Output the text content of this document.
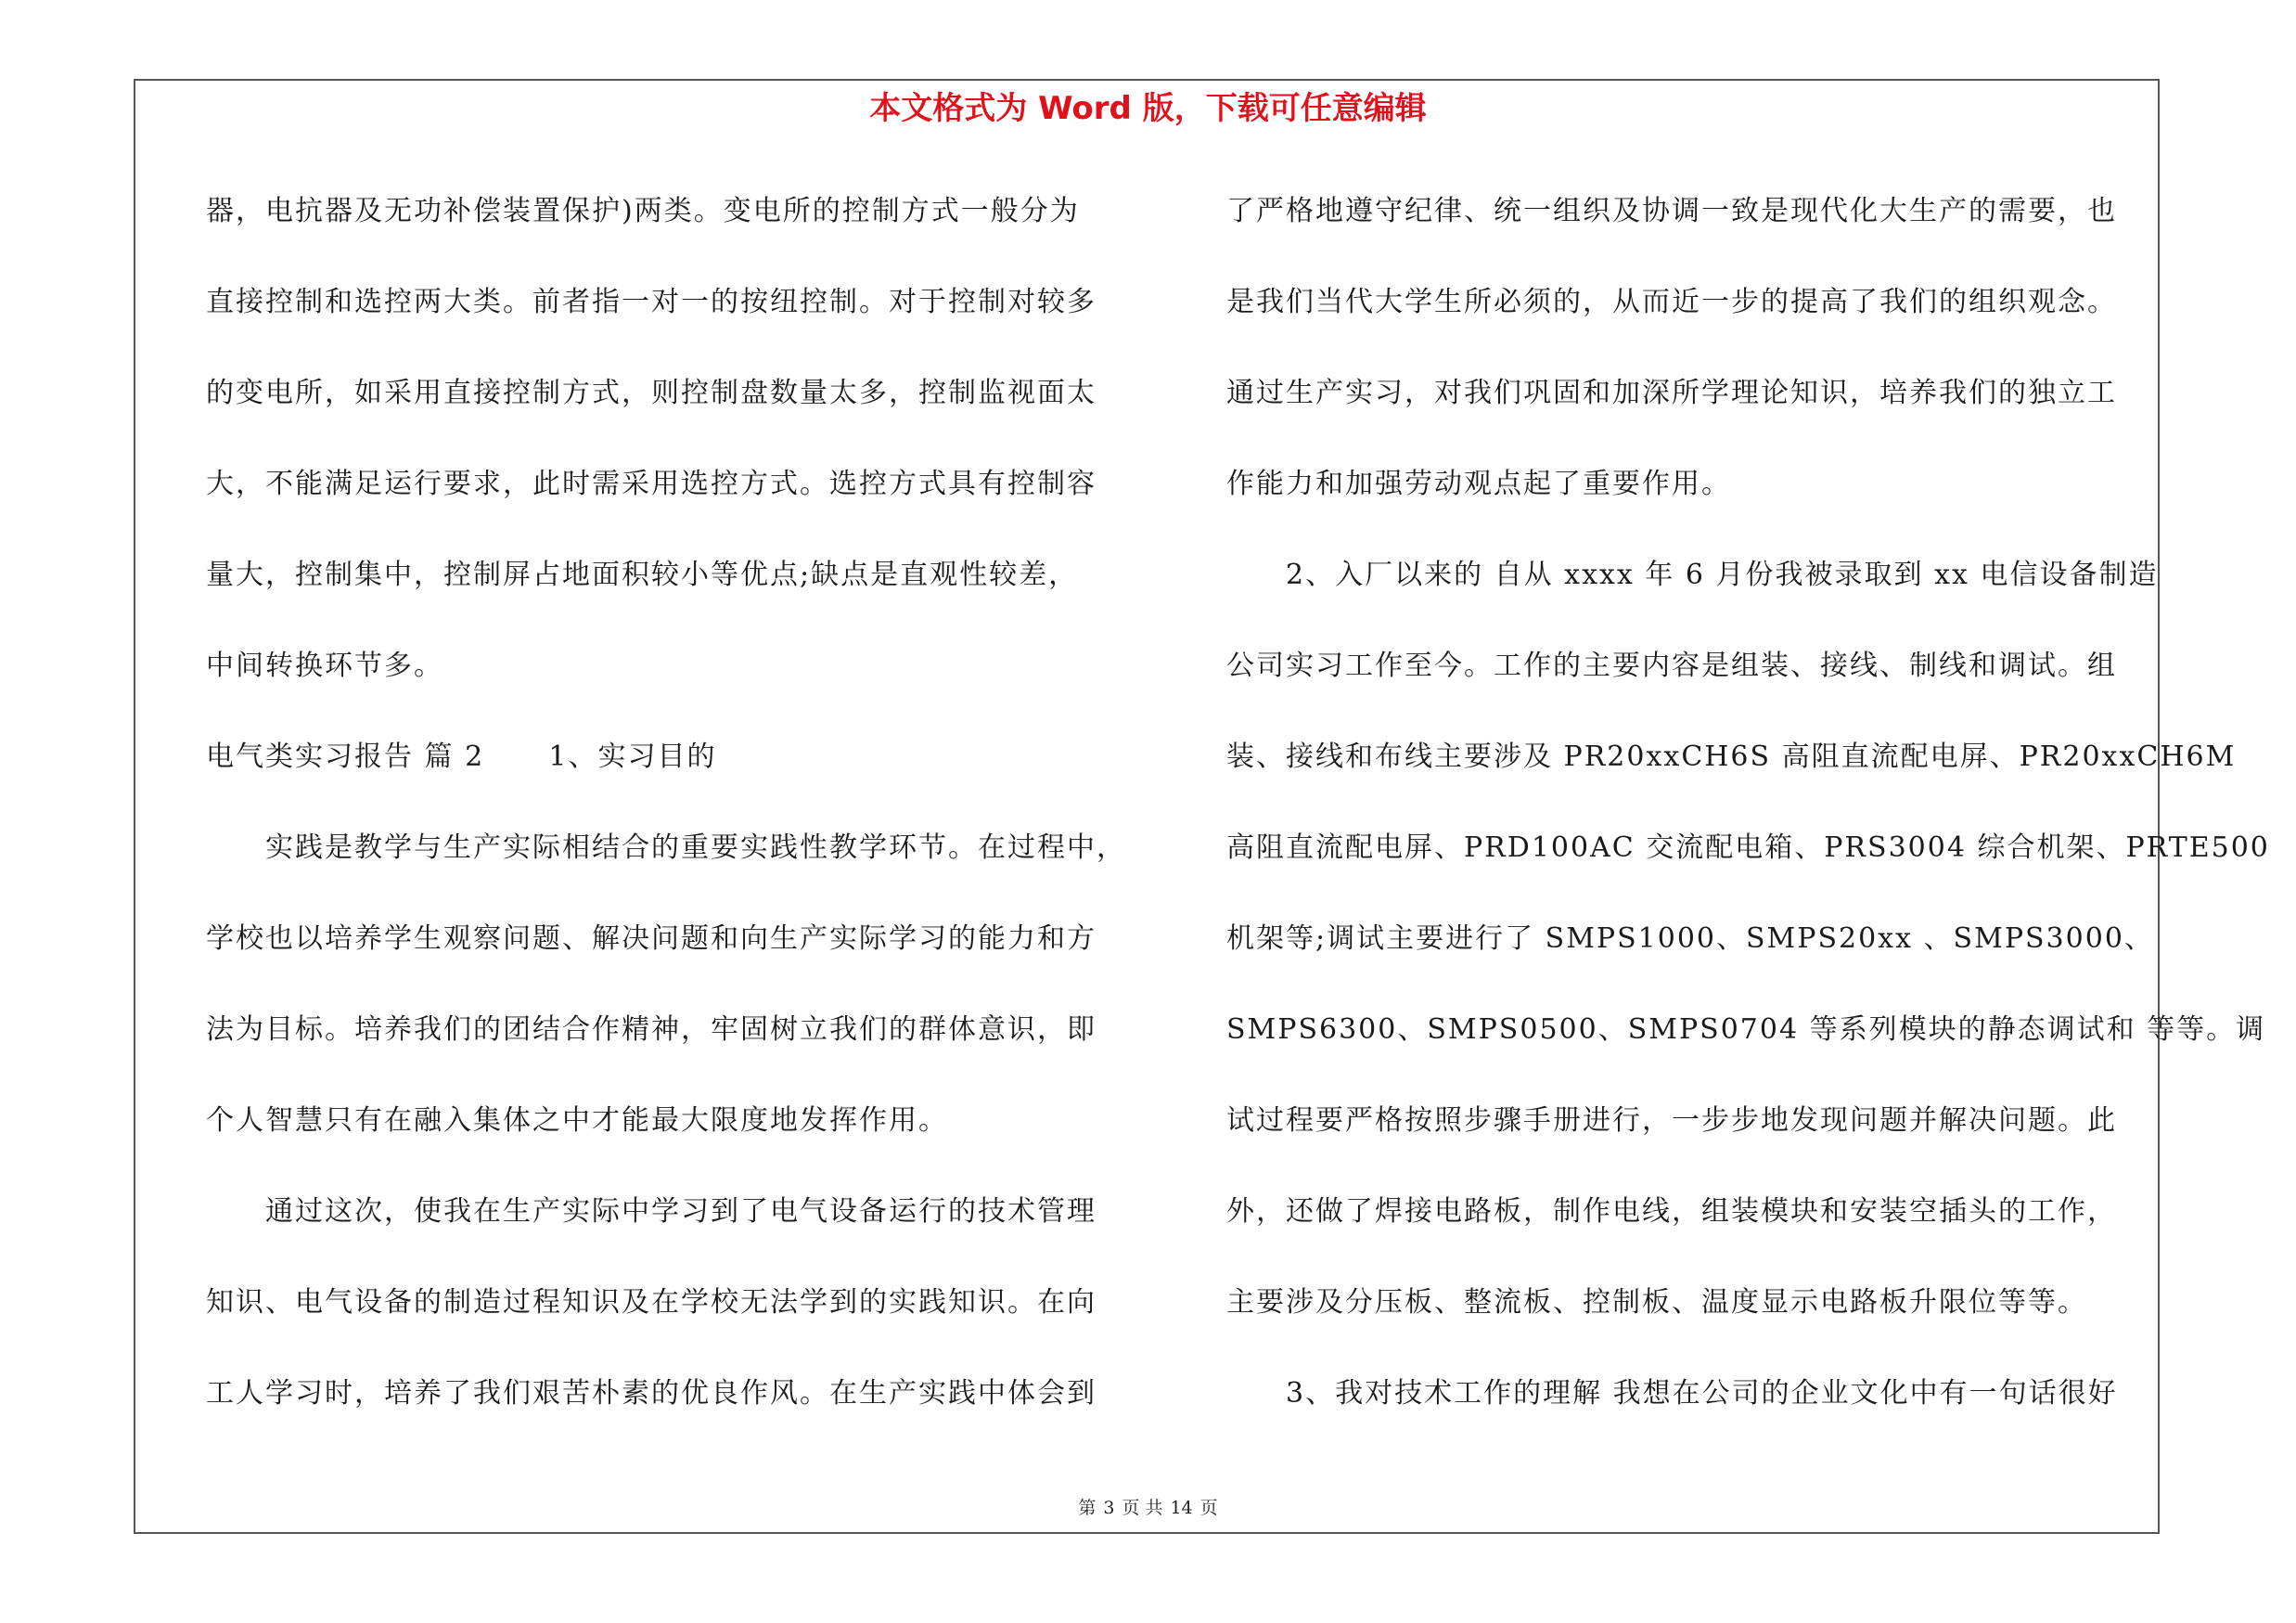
本文格式为 Word 版，下载可任意编辑
器，电抗器及无功补偿装置保护)两类。变电所的控制方式一般分为
直接控制和选控两大类。前者指一对一的按纽控制。对于控制对较多
的变电所，如采用直接控制方式，则控制盘数量太多，控制监视面太
大，不能满足运行要求，此时需采用选控方式。选控方式具有控制容
量大，控制集中，控制屏占地面积较小等优点;缺点是直观性较差，
中间转换环节多。
电气类实习报告 篇 2      1、实习目的
实践是教学与生产实际相结合的重要实践性教学环节。在过程中，
学校也以培养学生观察问题、解决问题和向生产实际学习的能力和方
法为目标。培养我们的团结合作精神，牢固树立我们的群体意识，即
个人智慧只有在融入集体之中才能最大限度地发挥作用。
通过这次，使我在生产实际中学习到了电气设备运行的技术管理
知识、电气设备的制造过程知识及在学校无法学到的实践知识。在向
工人学习时，培养了我们艰苦朴素的优良作风。在生产实践中体会到
了严格地遵守纪律、统一组织及协调一致是现代化大生产的需要，也
是我们当代大学生所必须的，从而近一步的提高了我们的组织观念。
通过生产实习，对我们巩固和加深所学理论知识，培养我们的独立工
作能力和加强劳动观点起了重要作用。
2、入厂以来的 自从 xxxx 年 6 月份我被录取到 xx 电信设备制造
公司实习工作至今。工作的主要内容是组装、接线、制线和调试。组
装、接线和布线主要涉及 PR20xxCH6S 高阻直流配电屏、PR20xxCH6M
高阻直流配电屏、PRD100AC 交流配电箱、PRS3004 综合机架、PRTE500
机架等;调试主要进行了 SMPS1000、SMPS20xx 、SMPS3000、
SMPS6300、SMPS0500、SMPS0704 等系列模块的静态调试和 等等。调
试过程要严格按照步骤手册进行，一步步地发现问题并解决问题。此
外，还做了焊接电路板，制作电线，组装模块和安装空插头的工作，
主要涉及分压板、整流板、控制板、温度显示电路板升限位等等。
3、我对技术工作的理解 我想在公司的企业文化中有一句话很好
第 3 页 共 14 页
